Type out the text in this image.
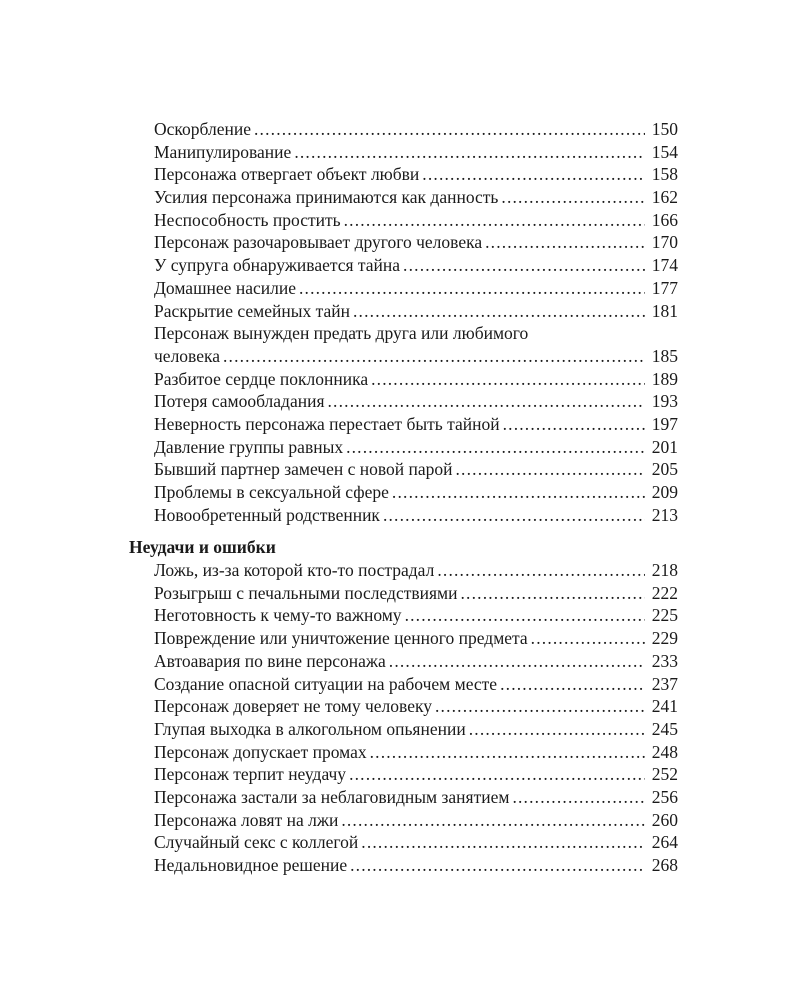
Оскорбление . . .	150
Манипулирование . . .	154
Персонажа отвергает объект любви . . .	158
Усилия персонажа принимаются как данность . . .	162
Неспособность простить . . .	166
Персонаж разочаровывает другого человека . . .	170
У супруга обнаруживается тайна . . .	174
Домашнее насилие . . .	177
Раскрытие семейных тайн . . .	181
Персонаж вынужден предать друга или любимого
человека . . .	185
Разбитое сердце поклонника . . .	189
Потеря самообладания . . .	193
Неверность персонажа перестает быть тайной . . .	197
Давление группы равных . . .	201
Бывший партнер замечен с новой парой . . .	205
Проблемы в сексуальной сфере . . .	209
Новообретенный родственник . . .	213
Неудачи и ошибки
Ложь, из-за которой кто-то пострадал . . .	218
Розыгрыш с печальными последствиями . . .	222
Неготовность к чему-то важному . . .	225
Повреждение или уничтожение ценного предмета . . .	229
Автоавария по вине персонажа . . .	233
Создание опасной ситуации на рабочем месте . . .	237
Персонаж доверяет не тому человеку . . .	241
Глупая выходка в алкогольном опьянении . . .	245
Персонаж допускает промах . . .	248
Персонаж терпит неудачу . . .	252
Персонажа застали за неблаговидным занятием . . .	256
Персонажа ловят на лжи . . .	260
Случайный секс с коллегой . . .	264
Недальновидное решение . . .	268
